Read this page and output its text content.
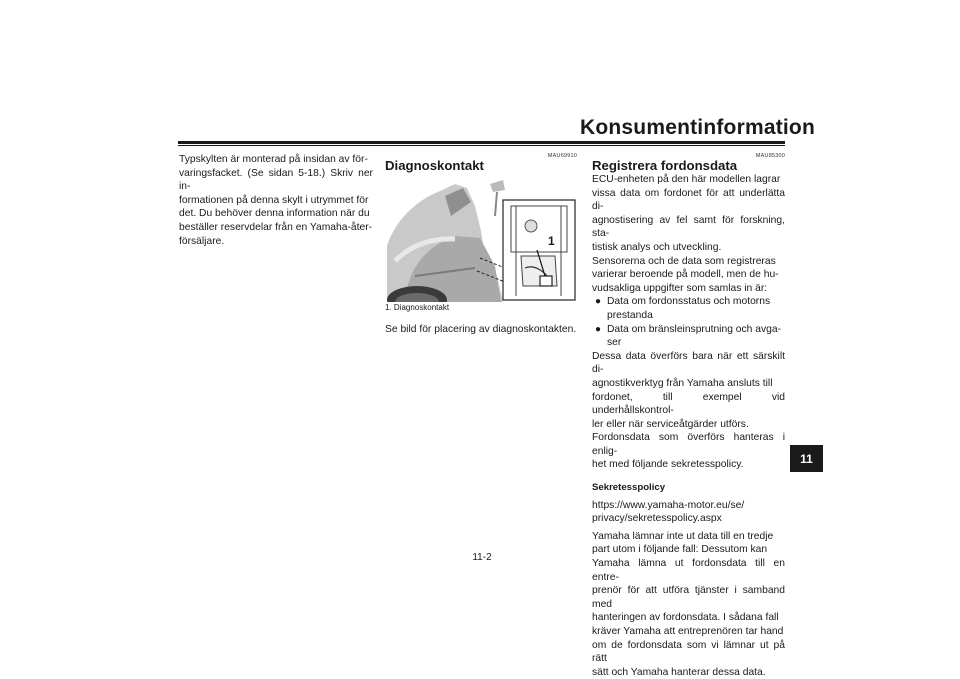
Konsumentinformation

Typskylten är monterad på insidan av för-

varingsfacket. (Se sidan 5-18.) Skriv ner in-

formationen på denna skylt i utrymmet för

det. Du behöver denna information när du

beställer reservdelar från en Yamaha-åter-

försäljare.

MAU69910
Diagnoskontakt
1
1. Diagnoskontakt

Se bild för placering av diagnoskontakten.

MAU85300
Registrera fordonsdata

ECU-enheten på den här modellen lagrar

vissa data om fordonet för att underlätta di-

agnostisering av fel samt för forskning, sta-

tistisk analys och utveckling.

Sensorerna och de data som registreras

varierar beroende på modell, men de hu-

vudsakliga uppgifter som samlas in är:

● Data om fordonsstatus och motorns

prestanda

● Data om bränsleinsprutning och avga-

ser

Dessa data överförs bara när ett särskilt di-

agnostikverktyg från Yamaha ansluts till

fordonet, till exempel vid underhållskontrol-

ler eller när serviceåtgärder utförs.

Fordonsdata som överförs hanteras i enlig-

het med följande sekretesspolicy.

Sekretesspolicy

https://www.yamaha-motor.eu/se/

privacy/sekretesspolicy.aspx

Yamaha lämnar inte ut data till en tredje

part utom i följande fall: Dessutom kan

Yamaha lämna ut fordonsdata till en entre-

prenör för att utföra tjänster i samband med

hanteringen av fordonsdata. I sådana fall

kräver Yamaha att entreprenören tar hand

om de fordonsdata som vi lämnar ut på rätt

sätt och Yamaha hanterar dessa data.

11
11-2
